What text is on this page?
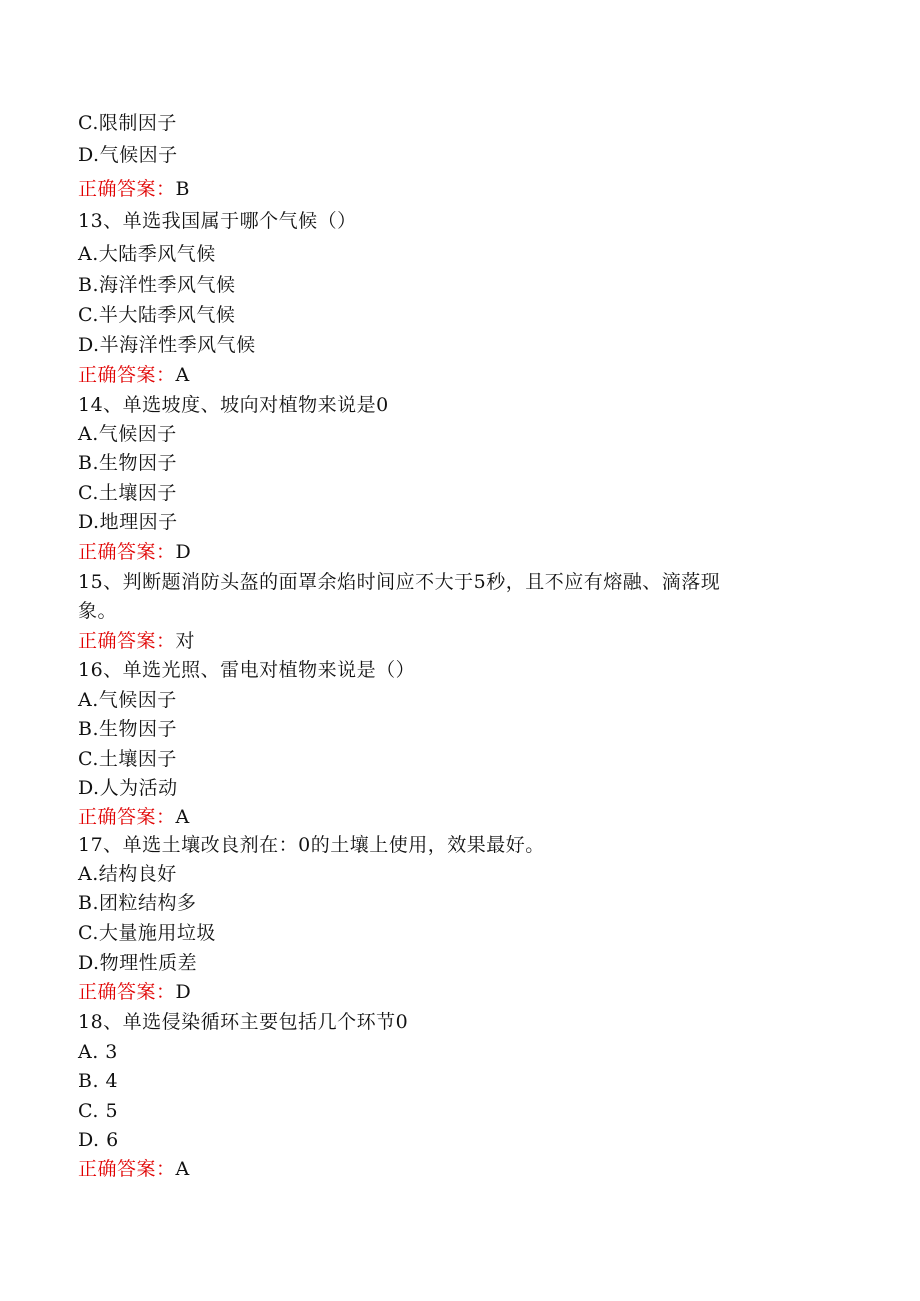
C.限制因子
D.气候因子
正确答案：B
13、单选我国属于哪个气候（）
A.大陆季风气候
B.海洋性季风气候
C.半大陆季风气候
D.半海洋性季风气候
正确答案：A
14、单选坡度、坡向对植物来说是0
A.气候因子
B.生物因子
C.土壤因子
D.地理因子
正确答案：D
15、判断题消防头盔的面罩余焰时间应不大于5秒，且不应有熔融、滴落现
象。
正确答案：对
16、单选光照、雷电对植物来说是（）
A.气候因子
B.生物因子
C.土壤因子
D.人为活动
正确答案：A
17、单选土壤改良剂在：0的土壤上使用，效果最好。
A.结构良好
B.团粒结构多
C.大量施用垃圾
D.物理性质差
正确答案：D
18、单选侵染循环主要包括几个环节0
A. 3
B. 4
C. 5
D. 6
正确答案：A
